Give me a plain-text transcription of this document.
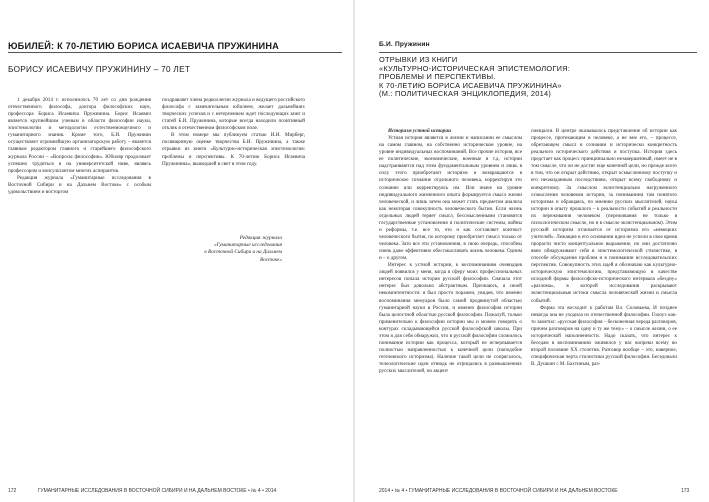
ЮБИЛЕЙ: К 70-ЛЕТИЮ БОРИСА ИСАЕВИЧА ПРУЖИНИНА
БОРИСУ ИСАЕВИЧУ ПРУЖИНИНУ – 70 ЛЕТ

1 декабря 2014 г. исполнилось 70 лет со дня рождения отечественного философа, доктора философских наук, профессора Бориса Исаевича Пружинина. Борис Исаевич является крупнейшим ученым в области философии науки, эпистемологии и методологии естественнонаучного и гуманитарного знания. Кроме того, Б.И. Пружинин осуществляет огромнейшую организаторскую работу – является главным редактором главного и старейшего философского журнала России – «Вопросы философии». Юбиляр продолжает успешно трудиться и на университетской ниве, являясь профессором и консультантом многих аспирантов.

Редакция журнала «Гуманитарные исследования в Восточной Сибири и на Дальнем Востоке» с особым удовольствием и восторгом

поздравляет члена редколлегии журнала и ведущего российского философа с замечательным юбилеем, желает дальнейших творческих успехов и с нетерпением ждет последующих книг и статей Б.И. Пружинина, которые всегда находили позитивный отклик в отечественном философском поле.

В этом номере мы публикуем статью И.И. Мирберг, посвященную оценке творчества Б.И. Пружинина, а также отрывки из книги «Культурно-историческая эпистемология: проблемы и перспективы. К 70-летию Бориса Исаевича Пружинина», вышедшей в свет в этом году.

Редакция журнала
«Гуманитарные исследования
в Восточной Сибири и на Дальнем Востоке»
172	ГУМАНИТАРНЫЕ ИССЛЕДОВАНИЯ В ВОСТОЧНОЙ СИБИРИ И НА ДАЛЬНЕМ ВОСТОКЕ • № 4 • 2014
Б.И. Пружинин
ОТРЫВКИ ИЗ КНИГИ
«КУЛЬТУРНО-ИСТОРИЧЕСКАЯ ЭПИСТЕМОЛОГИЯ:
ПРОБЛЕМЫ И ПЕРСПЕКТИВЫ.
К 70-ЛЕТИЮ БОРИСА ИСАЕВИЧА ПРУЖИНИНА»
(М.: ПОЛИТИЧЕСКАЯ ЭНЦИКЛОПЕДИЯ, 2014)
Историзм устной истории

Устная история является в жизни и написании ее смыслом на самом главном, на собственно историческом уровне, на уровне индивидуальных воспоминаний. Все прочие история, все ее политические, экономические, военные и т.д. истории надстраиваются над этим фундаментальным уровнем и лишь в силу этого приобретают историзм и возвращаются в историческое сознание отдельного человека, корректируя это сознание или корректируясь им. Или иначе на уровне индивидуального жизненного опыта формируется смысл жизни человеческой, и лишь затем она может стать предметом анализа как некоторая совокупность человеческого бытия. Если жизнь отдельных людей теряет смысл, бессмысленными становятся государственные установления и политические системы, войны и реформы, т.е. все то, что и как составляет контекст человеческого бытия, по которому приобретает смысл только от человека. Зато все эти установления, в свою очередь, способны очень даже эффективно обессмысливать жизнь человека. Одним и – о другом.

Интерес к устной истории, к воспоминаниям очевидцев людей появился у меня, когда я сферу моих профессиональных интересов попала история русской философии. Сначала этот интерес был довольно абстрактным. Признаюсь, я своей некомпетентности: я был просто поражен, увидев, что именно воспоминания мемуаров было самой продвинутой областью гуманитарной науки в России, и именно философия истории была целостной областью русской философии. Пожалуй, только применительно к философии истории мы и можем говорить о контурах складывающейся русской философской школы. При этом я для себя обнаружил, что в русской философии сложилось понимание истории как процесса, который не исчерпывается полностью направленностью к конечной цели (наподобие гегелевского историзма). Наличие такой цели не сопрягалось, телеологические идеи отнюдь не отрицались в размышлениях русских мыслителей, но акцент

смещался. В центре оказывалось представление об истории как процессе, протекающем в человеке, а не вне его, – процессе, обретающем смысл в сознании и исторически конкретность реального исторического действия и поступка. История здесь предстает как процесс принципиально незавершенный, имеет не в том смысле, что он не достиг еще конечной цели, но прежде всего в том, что он открыт действию, открыт осмысленному поступку и его неожиданным последствиям, открыт всему свободному и конкретному. За смыслом экзистенциально нагруженного осмысления человеком истории, за пониманием там понятого историзма и обращаясь, по мнению русских мыслителей, наука истории в опыту прошлого – к реальности событий и реальности их переживания человеком (переживания не только в психологическом смысле, но и в смысле экзистенциальном). Этим русский историзм отличается от историзма его «немецких учителей». Лежащие в его основании идеи не успели в свое время прорасти чисто концептуальное выражение, но они достаточно явно обнаруживают себя в эпистемологической стилистике, в способе обсуждения проблем и в понимании исследовательских перспектив. Совокупность этих идей я обозначаю как культурно-историческую эпистемологию, представляющую в качестве исходной формы философско-исторического интервала «бездну» «разлома», в которой исследования раскрывают экзистенциальные истоки смысла человеческой жизни и смысла событий.

Форма эта восходит к работам Вл. Соловьева, И позднее никогда она не уходила из отечественной философии. Голоуэ как-то заметил: «русская философия – бесконечная череда разговоров, причем разговоров на одну и ту же тему» – о смысле жизни, о ее исторической наполненности. Надо сказать, что интерес к беседам в воспоминаниях оживился у нас вопреки всему во второй половине XX столетия. Разговор вообще – это, наверное, специфическая черта стилистики русской философии. Беседовали В. Душкин с М. Бахтиным, раз-

2014 • № 4 • ГУМАНИТАРНЫЕ ИССЛЕДОВАНИЯ В ВОСТОЧНОЙ СИБИРИ И НА ДАЛЬНЕМ ВОСТОКЕ	173
